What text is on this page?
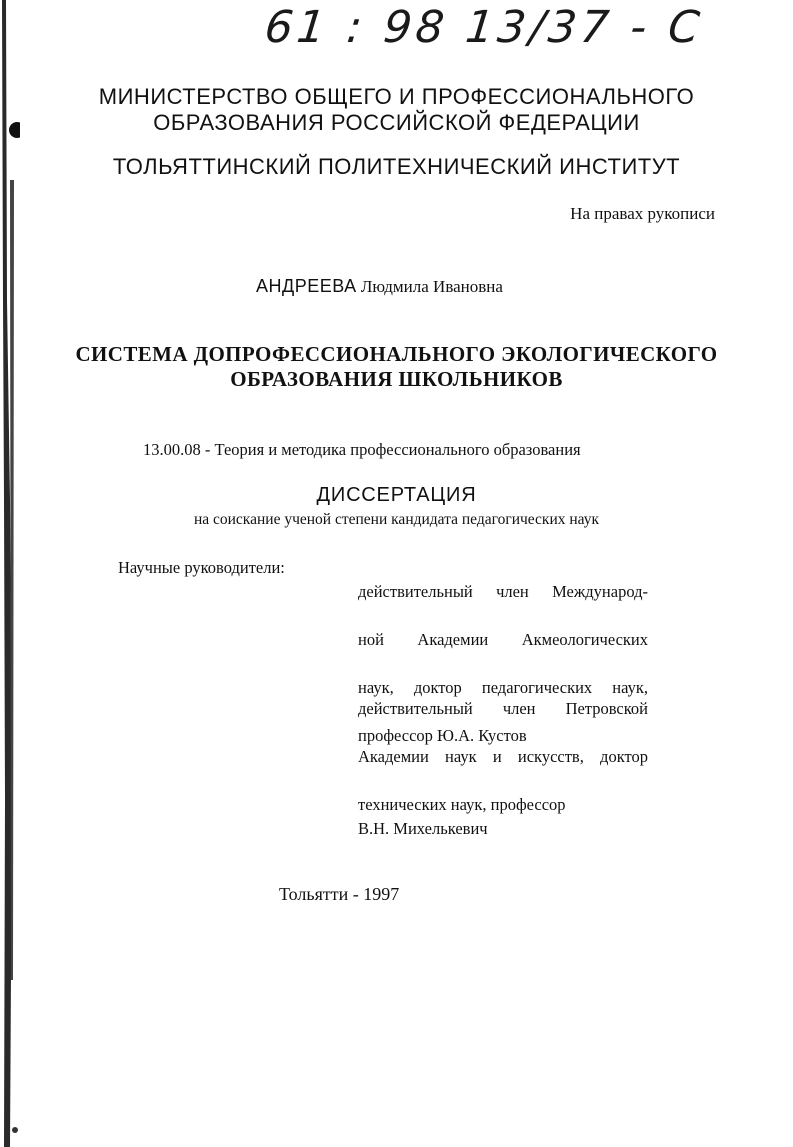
61 : 98 13/37 - C
МИНИСТЕРСТВО ОБЩЕГО И ПРОФЕССИОНАЛЬНОГО
ОБРАЗОВАНИЯ РОССИЙСКОЙ ФЕДЕРАЦИИ
ТОЛЬЯТТИНСКИЙ ПОЛИТЕХНИЧЕСКИЙ ИНСТИТУТ
На правах рукописи
АНДРЕЕВА Людмила Ивановна
СИСТЕМА ДОПРОФЕССИОНАЛЬНОГО ЭКОЛОГИЧЕСКОГО
ОБРАЗОВАНИЯ ШКОЛЬНИКОВ
13.00.08 - Теория и методика профессионального образования
ДИССЕРТАЦИЯ
на соискание ученой степени кандидата педагогических наук
Научные руководители:
действительный член Международ-
ной Академии Акмеологических
наук, доктор педагогических наук,
профессор Ю.А. Кустов
действительный член Петровской
Академии наук и искусств, доктор
технических наук, профессор
В.Н. Михелькевич
Тольятти - 1997
